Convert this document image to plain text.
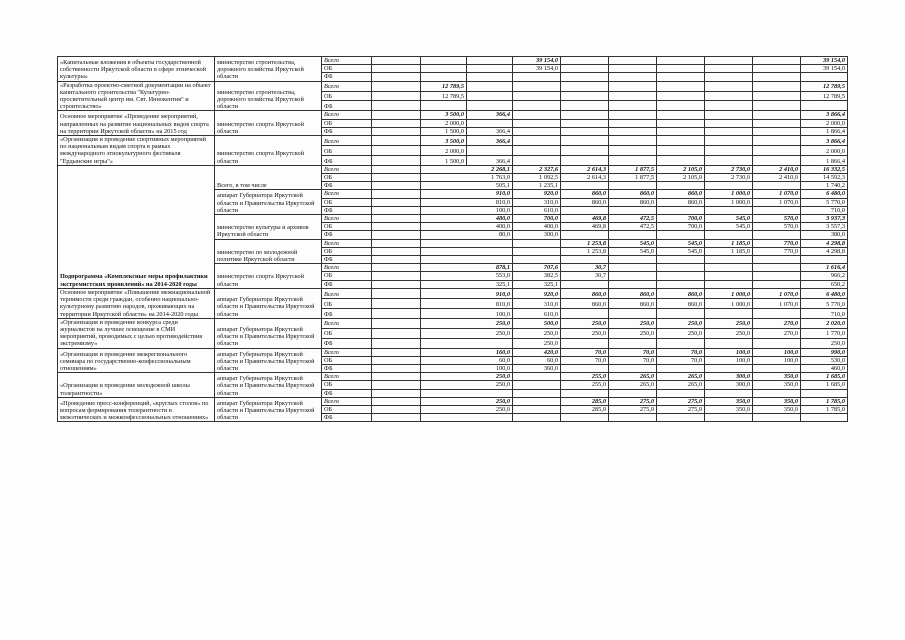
«Капитальные вложения в объекты государственной собственности Иркутской области в сфере этнической культуры»	министерство строительства, дорожного хозяйства Иркутской области	Всего				39 154,0						39 154,0
		ОБ				39 154,0						39 154,0
		ФБ										
«Разработка проектно-сметной документации на объект капитального строительства "Культурно-просветительный центр им. Свт. Иннокентия" и строительство»	министерство строительства, дорожного хозяйства Иркутской области	Всего		12 789,5								12 789,5
		ОБ		12 789,5								12 789,5
		ФБ										
Основное мероприятие «Проведение мероприятий, направленных на развитие национальных видов спорта на территории Иркутской области» на 2015 год	министерство спорта Иркутской области	Всего		3 500,0	366,4							3 866,4
		ОБ		2 000,0								2 000,0
		ФБ		1 500,0	366,4							1 866,4
«Организация и проведение спортивных мероприятий по национальным видам спорта в рамках международного этнокультурного фестиваля "Ердынские игры"»	министерство спорта Иркутской области	Всего		3 500,0	366,4							3 866,4
		ОБ		2 000,0								2 000,0
		ФБ		1 500,0	366,4							1 866,4
Подпрограмма «Комплексные меры профилактики экстремистских проявлений» на 2014-2020 годы	Всего, в том числе	Всего		2 268,1		2 327,6	2 614,3	1 877,5	2 105,0	2 730,0	2 410,0	16 332,5
		ОБ		1 763,0		1 092,5	2 614,3	1 877,5	2 105,0	2 730,0	2 410,0	14 592,3
		ФБ		505,1		1 235,1						1 740,2
	аппарат Губернатора Иркутской области и Правительства Иркутской области	Всего		910,0		920,0	860,0	860,0	860,0	1 000,0	1 070,0	6 480,0
		ОБ		810,0		310,0	860,0	860,0	860,0	1 000,0	1 070,0	5 770,0
		ФБ		100,0		610,0						710,0
	министерство культуры и архивов Иркутской области	Всего		480,0		700,0	469,8	472,5	700,0	545,0	570,0	3 937,3
		ОБ		400,0		400,0	469,8	472,5	700,0	545,0	570,0	3 557,3
		ФБ		80,0		300,0						380,0
	министерство по молодежной политике Иркутской области	Всего					1 253,8	545,0	545,0	1 185,0	770,0	4 298,8
		ОБ					1 253,8	545,0	545,0	1 185,0	770,0	4 298,8
		ФБ										
	министерство спорта Иркутской области	Всего		878,1		707,6	30,7					1 616,4
		ОБ		553,0		382,5	30,7					966,2
		ФБ		325,1		325,1						650,2
Основное мероприятие «Повышение межнациональной терпимости среди граждан, особенно национально-культурному развитию народов, проживающих на территории Иркутской области» на 2014-2020 годы	аппарат Губернатора Иркутской области и Правительства Иркутской области	Всего		910,0		920,0	860,0	860,0	860,0	1 000,0	1 070,0	6 480,0
		ОБ		810,0		310,0	860,0	860,0	860,0	1 000,0	1 070,0	5 770,0
		ФБ		100,0		610,0						710,0
«Организация и проведение конкурса среди журналистов на лучшее освещение в СМИ мероприятий, проводимых с целью противодействия экстремизму»	аппарат Губернатора Иркутской области и Правительства Иркутской области	Всего		250,0		500,0	250,0	250,0	250,0	250,0	270,0	2 020,0
		ОБ		250,0		250,0	250,0	250,0	250,0	250,0	270,0	1 770,0
		ФБ				250,0						250,0
«Организация и проведение межрегионального семинара по государственно-конфессиональным отношениям»	аппарат Губернатора Иркутской области и Правительства Иркутской области	Всего		160,0		420,0	70,0	70,0	70,0	100,0	100,0	990,0
		ОБ		60,0		60,0	70,0	70,0	70,0	100,0	100,0	530,0
		ФБ		100,0		360,0						460,0
«Организация и проведение молодежной школы толерантности»	аппарат Губернатора Иркутской области и Правительства Иркутской области	Всего		250,0			255,0	265,0	265,0	300,0	350,0	1 685,0
		ОБ		250,0			255,0	265,0	265,0	300,0	350,0	1 685,0
		ФБ										
«Проведение пресс-конференций, «круглых столов» по вопросам формирования толерантности в межэтнических и межконфессиональных отношениях»	аппарат Губернатора Иркутской области и Правительства Иркутской области	Всего		250,0			285,0	275,0	275,0	350,0	350,0	1 785,0
		ОБ		250,0			285,0	275,0	275,0	350,0	350,0	1 785,0
		ФБ										
